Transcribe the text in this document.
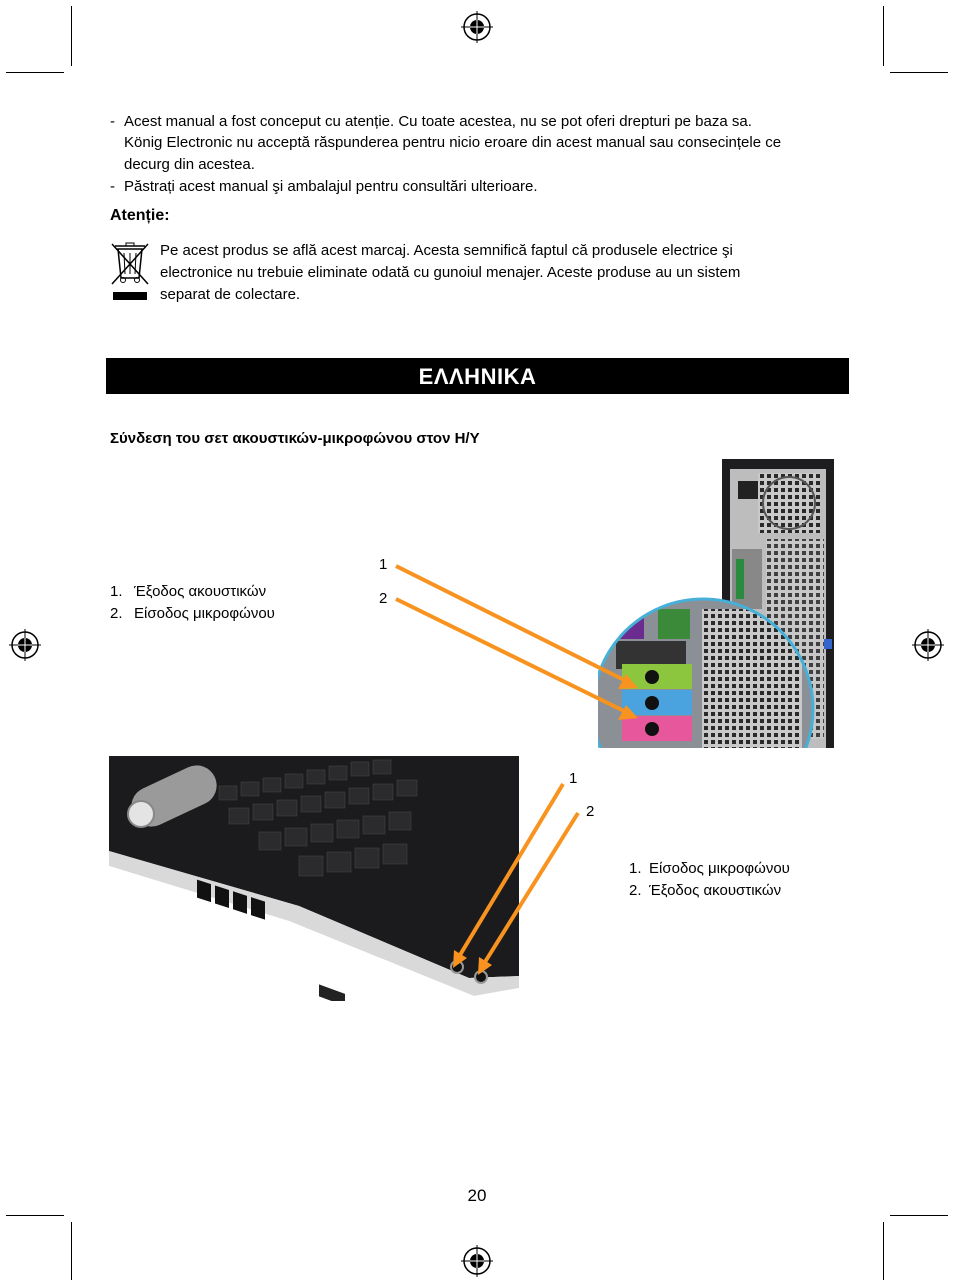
- Acest manual a fost conceput cu atenție. Cu toate acestea, nu se pot oferi drepturi pe baza sa.
König Electronic nu acceptă răspunderea pentru nicio eroare din acest manual sau consecințele ce
decurg din acestea.
- Păstrați acest manual şi ambalajul pentru consultări ulterioare.
Atenție:
Pe acest produs se află acest marcaj. Acesta semnifică faptul că produsele electrice şi
electronice nu trebuie eliminate odată cu gunoiul menajer. Aceste produse au un sistem
separat de colectare.
ΕΛΛΗΝΙΚΑ
Σύνδεση του σετ ακουστικών-μικροφώνου στον Η/Υ
1. Έξοδος ακουστικών
2. Είσοδος μικροφώνου
1
2
1
2
1. Είσοδος μικροφώνου
2. Έξοδος ακουστικών
20
